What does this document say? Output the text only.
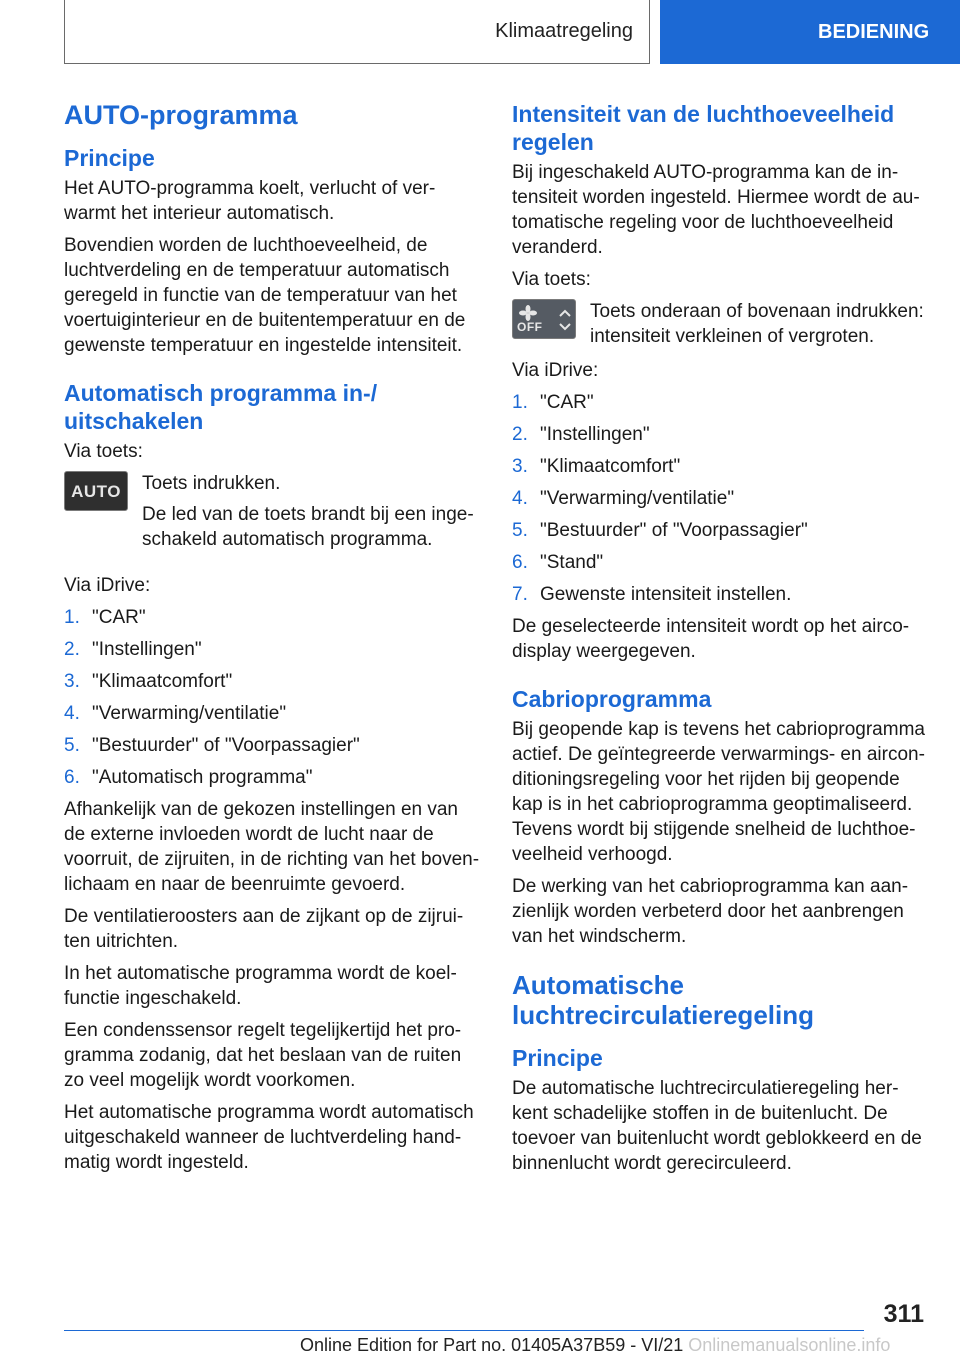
Klimaatregeling	BEDIENING
AUTO-programma
Principe

Het AUTO-programma koelt, verlucht of ver-warmt het interieur automatisch.

Bovendien worden de luchthoeveelheid, de luchtverdeling en de temperatuur automatisch geregeld in functie van de temperatuur van het voertuiginterieur en de buitentemperatuur en de gewenste temperatuur en ingestelde intensiteit.

Automatisch programma in-/ uitschakelen

Via toets:

AUTO Toets indrukken.

De led van de toets brandt bij een inge-schakeld automatisch programma.

Via iDrive:

1. "CAR"
2. "Instellingen"
3. "Klimaatcomfort"
4. "Verwarming/ventilatie"
5. "Bestuurder" of "Voorpassagier"
6. "Automatisch programma"

Afhankelijk van de gekozen instellingen en van de externe invloeden wordt de lucht naar de voorruit, de zijruiten, in de richting van het boven-lichaam en naar de beenruimte gevoerd.

De ventilatieroosters aan de zijkant op de zijrui-ten uitrichten.

In het automatische programma wordt de koel-functie ingeschakeld.

Een condenssensor regelt tegelijkertijd het pro-gramma zodanig, dat het beslaan van de ruiten zo veel mogelijk wordt voorkomen.

Het automatische programma wordt automatisch uitgeschakeld wanneer de luchtverdeling hand-matig wordt ingesteld.

Intensiteit van de luchthoeveelheid regelen

Bij ingeschakeld AUTO-programma kan de in-tensiteit worden ingesteld. Hiermee wordt de au-tomatische regeling voor de luchthoeveelheid veranderd.

Via toets:

OFF

Toets onderaan of bovenaan indrukken: intensiteit verkleinen of vergroten.

Via iDrive:

1. "CAR"
2. "Instellingen"
3. "Klimaatcomfort"
4. "Verwarming/ventilatie"
5. "Bestuurder" of "Voorpassagier"
6. "Stand"
7. Gewenste intensiteit instellen.

De geselecteerde intensiteit wordt op het airco-display weergegeven.

Cabrioprogramma

Bij geopende kap is tevens het cabrioprogramma actief. De geïntegreerde verwarmings- en aircon-ditioningsregeling voor het rijden bij geopende kap is in het cabrioprogramma geoptimaliseerd. Tevens wordt bij stijgende snelheid de luchthoe-veelheid verhoogd.

De werking van het cabrioprogramma kan aan-zienlijk worden verbeterd door het aanbrengen van het windscherm.

Automatische luchtrecirculatieregeling
Principe

De automatische luchtrecirculatieregeling her-kent schadelijke stoffen in de buitenlucht. De toevoer van buitenlucht wordt geblokkeerd en de binnenlucht wordt gerecirculeerd.

311
Online Edition for Part no. 01405A37B59 - VI/21 Onlinemanualsonline.info
